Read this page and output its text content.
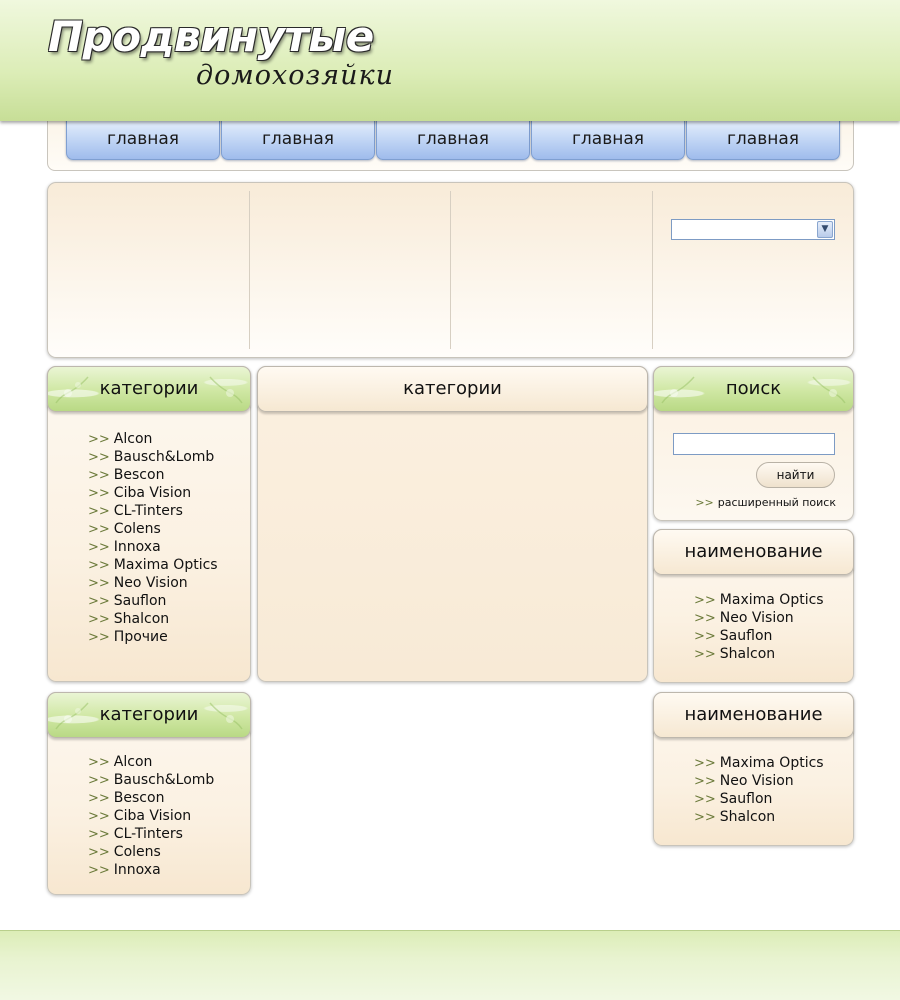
Продвинутые
домохозяйки
главная	главная	главная	главная	главная
▼
категории
>> Alcon
>> Bausch&Lomb
>> Bescon
>> Ciba Vision
>> CL-Tinters
>> Colens
>> Innoxa
>> Maxima Optics
>> Neo Vision
>> Sauflon
>> Shalcon
>> Прочие
категории
>> Alcon
>> Bausch&Lomb
>> Bescon
>> Ciba Vision
>> CL-Tinters
>> Colens
>> Innoxa
категории	поиск
найти
>> расширенный поиск
наименование
>> Maxima Optics
>> Neo Vision
>> Sauflon
>> Shalcon
наименование
>> Maxima Optics
>> Neo Vision
>> Sauflon
>> Shalcon
